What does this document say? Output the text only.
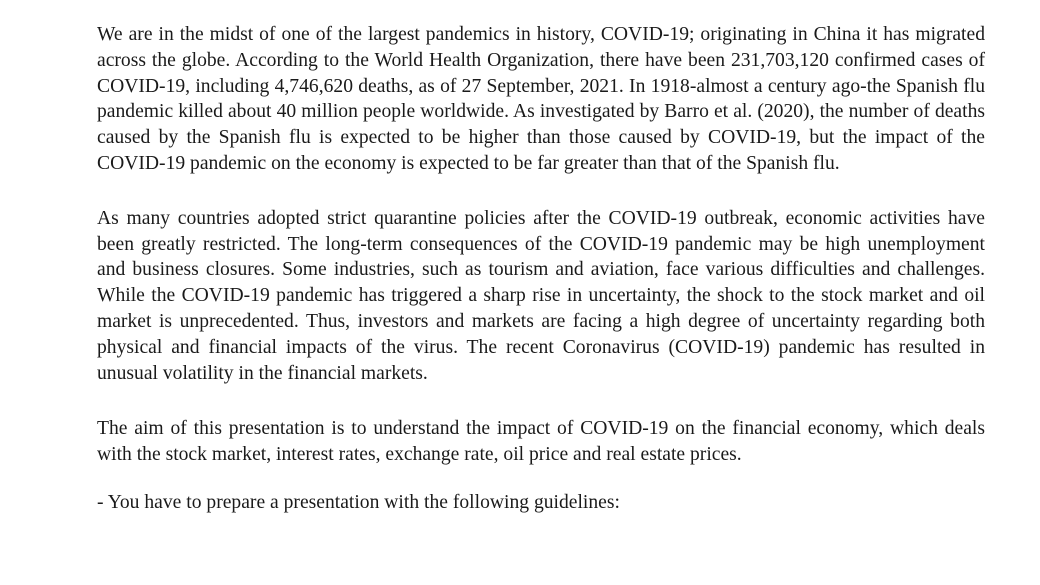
We are in the midst of one of the largest pandemics in history, COVID-19; originating in China it has migrated across the globe. According to the World Health Organization, there have been 231,703,120 confirmed cases of COVID-19, including 4,746,620 deaths, as of 27 September, 2021. In 1918-almost a century ago-the Spanish flu pandemic killed about 40 million people worldwide. As investigated by Barro et al. (2020), the number of deaths caused by the Spanish flu is expected to be higher than those caused by COVID-19, but the impact of the COVID-19 pandemic on the economy is expected to be far greater than that of the Spanish flu.

As many countries adopted strict quarantine policies after the COVID-19 outbreak, economic activities have been greatly restricted. The long-term consequences of the COVID-19 pandemic may be high unemployment and business closures. Some industries, such as tourism and aviation, face various difficulties and challenges. While the COVID-19 pandemic has triggered a sharp rise in uncertainty, the shock to the stock market and oil market is unprecedented. Thus, investors and markets are facing a high degree of uncertainty regarding both physical and financial impacts of the virus. The recent Coronavirus (COVID-19) pandemic has resulted in unusual volatility in the financial markets.

The aim of this presentation is to understand the impact of COVID-19 on the financial economy, which deals with the stock market, interest rates, exchange rate, oil price and real estate prices.

- You have to prepare a presentation with the following guidelines:
